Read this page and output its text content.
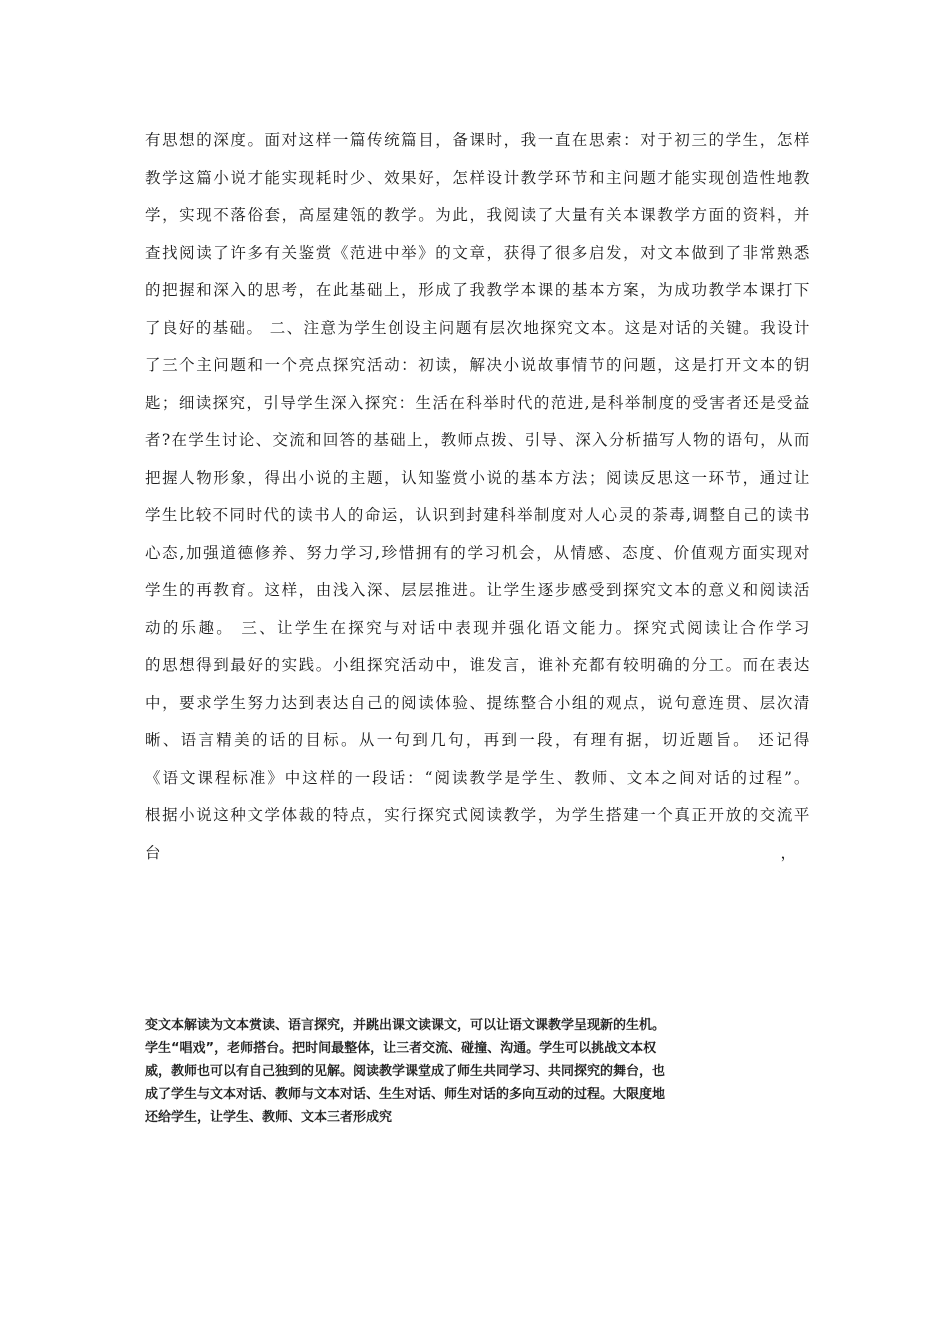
有思想的深度。面对这样一篇传统篇目，备课时，我一直在思索：对于初三的学生，怎样
教学这篇小说才能实现耗时少、效果好，怎样设计教学环节和主问题才能实现创造性地教
学，实现不落俗套，高屋建瓴的教学。为此，我阅读了大量有关本课教学方面的资料，并
查找阅读了许多有关鉴赏《范进中举》的文章，获得了很多启发，对文本做到了非常熟悉
的把握和深入的思考，在此基础上，形成了我教学本课的基本方案，为成功教学本课打下
了良好的基础。 二、注意为学生创设主问题有层次地探究文本。这是对话的关键。我设计
了三个主问题和一个亮点探究活动：初读，解决小说故事情节的问题，这是打开文本的钥
匙；细读探究，引导学生深入探究：生活在科举时代的范进,是科举制度的受害者还是受益
者?在学生讨论、交流和回答的基础上，教师点拨、引导、深入分析描写人物的语句，从而
把握人物形象，得出小说的主题，认知鉴赏小说的基本方法；阅读反思这一环节，通过让
学生比较不同时代的读书人的命运，认识到封建科举制度对人心灵的荼毒,调整自己的读书
心态,加强道德修养、努力学习,珍惜拥有的学习机会，从情感、态度、价值观方面实现对
学生的再教育。这样，由浅入深、层层推进。让学生逐步感受到探究文本的意义和阅读活
动的乐趣。 三、让学生在探究与对话中表现并强化语文能力。探究式阅读让合作学习
的思想得到最好的实践。小组探究活动中，谁发言，谁补充都有较明确的分工。而在表达
中，要求学生努力达到表达自己的阅读体验、提练整合小组的观点，说句意连贯、层次清
晰、语言精美的话的目标。从一句到几句，再到一段，有理有据，切近题旨。 还记得
《语文课程标准》中这样的一段话：“阅读教学是学生、教师、文本之间对话的过程”。
根据小说这种文学体裁的特点，实行探究式阅读教学，为学生搭建一个真正开放的交流平
台	，
变文本解读为文本赏读、语言探究，并跳出课文读课文，可以让语文课教学呈现新的生机。
学生“唱戏”，老师搭台。把时间最整体，让三者交流、碰撞、沟通。学生可以挑战文本权
威，教师也可以有自己独到的见解。阅读教学课堂成了师生共同学习、共同探究的舞台，也
成了学生与文本对话、教师与文本对话、生生对话、师生对话的多向互动的过程。大限度地
还给学生，让学生、教师、文本三者形成究
